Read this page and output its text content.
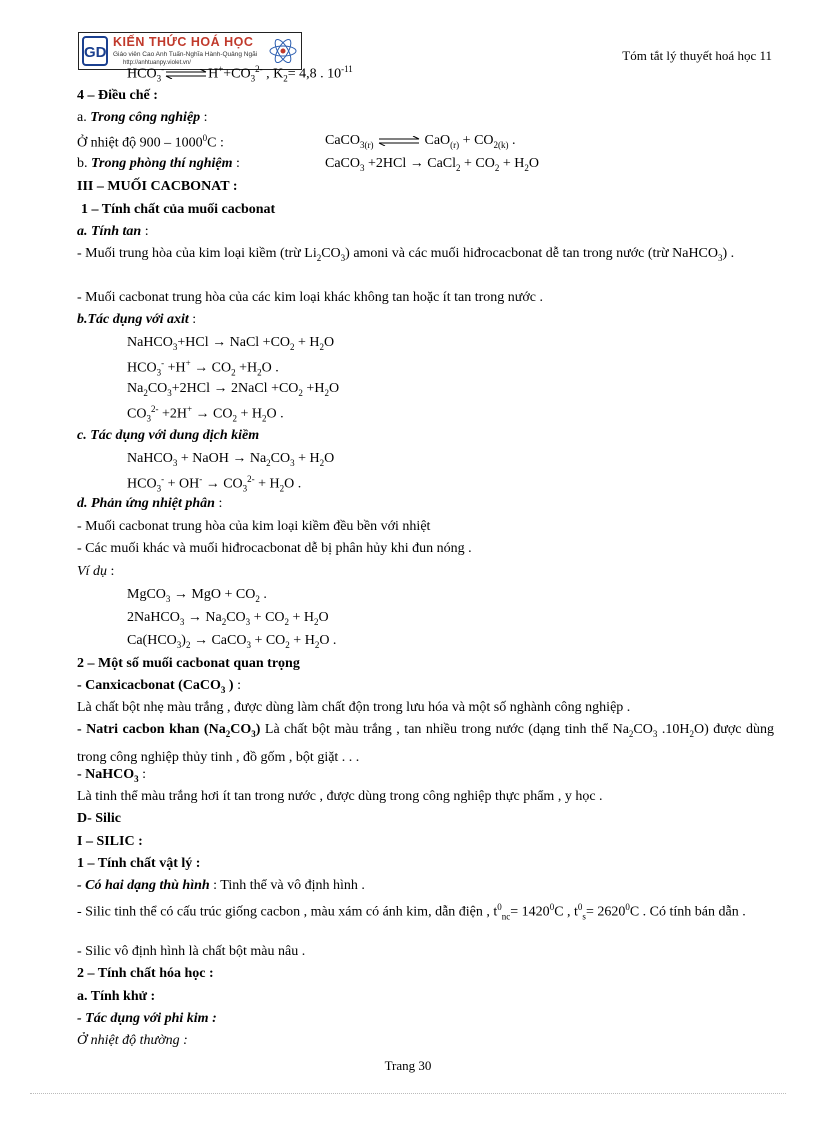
GD
KIẾN THỨC HOÁ HỌC
Giáo viên Cao Anh Tuấn-Nghĩa Hành-Quảng Ngãi
http://anhtuanpy.violet.vn/	Tóm tắt lý thuyết hoá học 11
$HCO_3^-$ $\rightleftharpoons H^++CO_3^{2-}$ , $K_2= 4,8$ . $10^{-11}$
4 – Điều chế :
a. Trong công nghiệp :
Ở nhiệt độ 900 – 1000$^0$C :	CaCO$_{3(r)}$ ⇌ $CaO_{(r)} + CO_{2(k)}$ .
b. Trong phòng thí nghiệm :	CaCO$_3$ +2HCl → CaCl$_2$ + $CO_2 + H_2O$
III – MUỐI CACBONAT :
1 – Tính chất của muối cacbonat
a. Tính tan :
- Muối trung hòa của kim loại kiềm (trừ $Li_2CO_3$) amoni và các muối hiđrocacbonat dễ tan trong nước (trừ NaHCO$_3$) .
- Muối cacbonat trung hòa của các kim loại khác không tan hoặc ít tan trong nước .
b.Tác dụng với axit :
NaHCO$_3$+HCl → NaCl $+CO_2 + H_2O$
$HCO_3^- +H^+ \to CO_2 +H_2O$ .
$Na_2CO_3+2HCl$ → 2NaCl $+CO_2 +H_2O$
$CO_3^{2-} +2H^+ \to CO_2 + H_2O$ .
c. Tác dụng với dung dịch kiềm
NaHCO$_3$ + NaOH → $Na_2CO_3 + H_2O$
$HCO_3^- + OH^- \to CO_3^{2-} + H_2O$ .
d. Phản ứng nhiệt phân :
- Muối cacbonat trung hòa của kim loại kiềm đều bền với nhiệt
- Các muối khác và muối hiđrocacbonat dễ bị phân hủy khi đun nóng .
Ví dụ :
MgCO$_3$ → MgO + $CO_2$ .
2NaHCO$_3$ → $Na_2CO_3 + CO_2 + H_2O$
$Ca(HCO_3)_2$ → CaCO$_3$ + $CO_2 + H_2O$ .
2 – Một số muối cacbonat quan trọng
- Canxicacbonat (CaCO$_3$ ) :
Là chất bột nhẹ màu trắng , được dùng làm chất độn trong lưu hóa và một số nghành công nghiệp .
- Natri cacbon khan $(Na_2CO_3)$ Là chất bột màu trắng , tan nhiều trong nước (dạng tinh thể $Na_2CO_3$ $.10H_2O$) được dùng trong công nghiệp thủy tinh , đồ gốm , bột giặt . . .
- NaHCO$_3$ :
Là tinh thể màu trắng hơi ít tan trong nước , được dùng trong công nghiệp thực phẩm , y học .
D- Silic
I – SILIC :
1 – Tính chất vật lý :
- Có hai dạng thù hình : Tinh thể và vô định hình .
- Silic tinh thể có cấu trúc giống cacbon , màu xám có ánh kim, dẫn điện , $t^0_{nc}= 1420^0C$ , $t^0_s= 2620^0C$ . Có tính bán dẫn .
- Silic vô định hình là chất bột màu nâu .
2 – Tính chất hóa học :
a. Tính khử :
- Tác dụng với phi kim :
Ở nhiệt độ thường :
Trang 30
